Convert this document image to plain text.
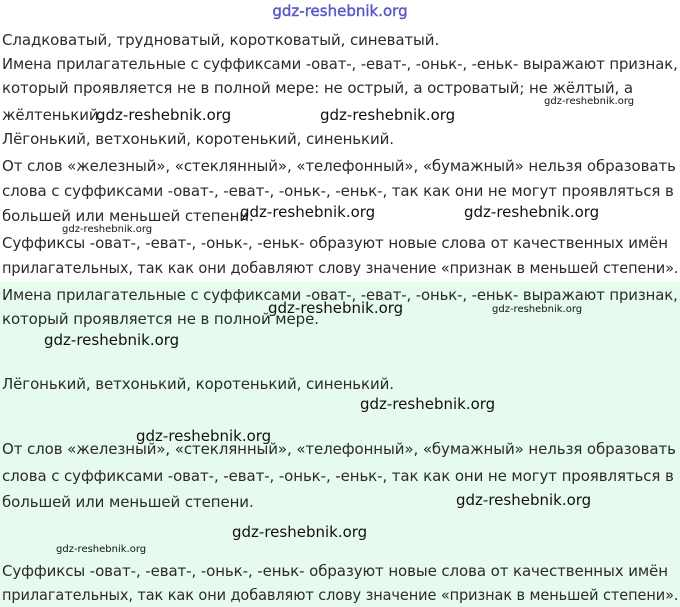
gdz-reshebnik.org
Сладковатый, трудноватый, коротковатый, синеватый.
Имена прилагательные с суффиксами -оват-, -еват-, -оньк-, -еньк- выражают признак,
который проявляется не в полной мере: не острый, а островатый; не жёлтый, а
жёлтенький.
Лёгонький, ветхонький, коротенький, синенький.
От слов «железный», «стеклянный», «телефонный», «бумажный» нельзя образовать
слова с суффиксами -оват-, -еват-, -оньк-, -еньк-, так как они не могут проявляться в
большей или меньшей степени.
Суффиксы -оват-, -еват-, -оньк-, -еньк- образуют новые слова от качественных имён
прилагательных, так как они добавляют слову значение «признак в меньшей степени».
Имена прилагательные с суффиксами -оват-, -еват-, -оньк-, -еньк- выражают признак,
который проявляется не в полной мере.
Лёгонький, ветхонький, коротенький, синенький.
От слов «железный», «стеклянный», «телефонный», «бумажный» нельзя образовать
слова с суффиксами -оват-, -еват-, -оньк-, -еньк-, так как они не могут проявляться в
большей или меньшей степени.
Суффиксы -оват-, -еват-, -оньк-, -еньк- образуют новые слова от качественных имён
прилагательных, так как они добавляют слову значение «признак в меньшей степени».
gdz-reshebnik.org	gdz-reshebnik.org
gdz-reshebnik.org
gdz-reshebnik.org
gdz-reshebnik.org	gdz-reshebnik.org
gdz-reshebnik.org	gdz-reshebnik.org
gdz-reshebnik.org
gdz-reshebnik.org
gdz-reshebnik.org
gdz-reshebnik.org
gdz-reshebnik.org
gdz-reshebnik.org
